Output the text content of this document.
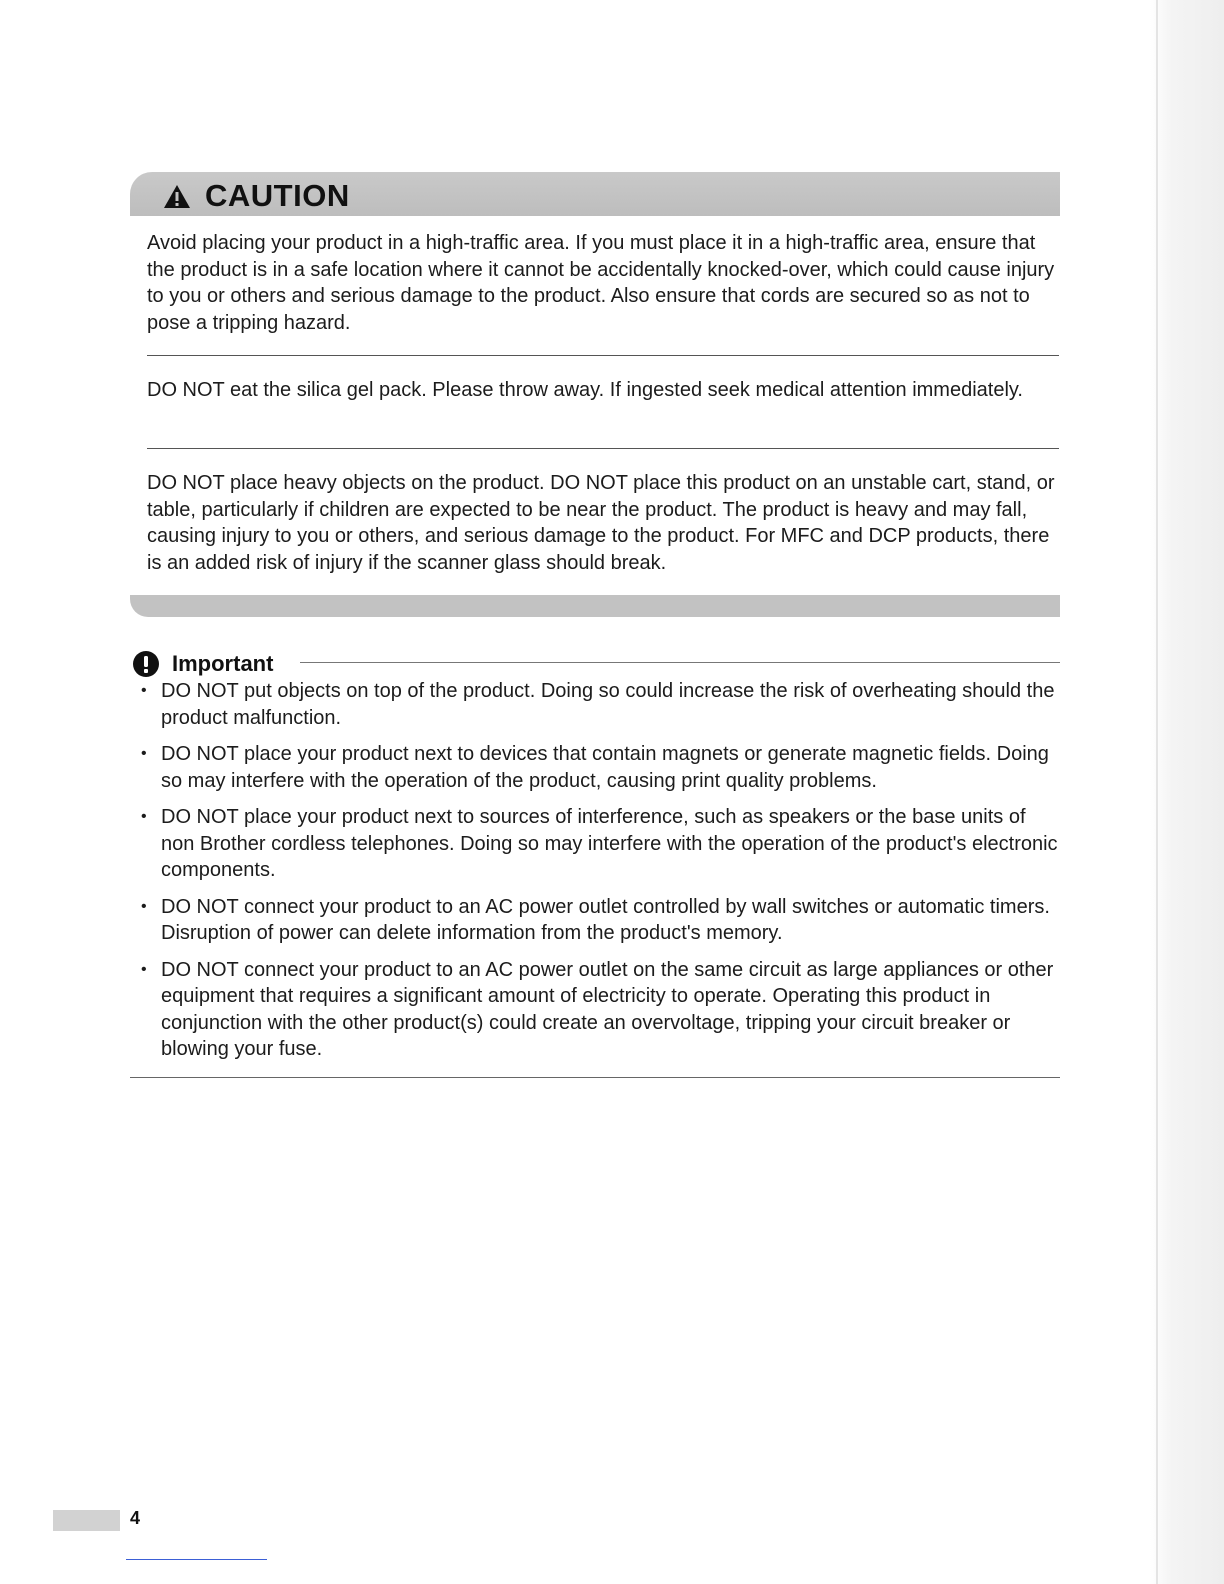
CAUTION

Avoid placing your product in a high-traffic area. If you must place it in a high-traffic area, ensure that the product is in a safe location where it cannot be accidentally knocked-over, which could cause injury to you or others and serious damage to the product. Also ensure that cords are secured so as not to pose a tripping hazard.

DO NOT eat the silica gel pack. Please throw away. If ingested seek medical attention immediately.

DO NOT place heavy objects on the product. DO NOT place this product on an unstable cart, stand, or table, particularly if children are expected to be near the product. The product is heavy and may fall, causing injury to you or others, and serious damage to the product. For MFC and DCP products, there is an added risk of injury if the scanner glass should break.

Important
• DO NOT put objects on top of the product. Doing so could increase the risk of overheating should the product malfunction.
• DO NOT place your product next to devices that contain magnets or generate magnetic fields. Doing so may interfere with the operation of the product, causing print quality problems.
• DO NOT place your product next to sources of interference, such as speakers or the base units of non Brother cordless telephones. Doing so may interfere with the operation of the product's electronic components.
• DO NOT connect your product to an AC power outlet controlled by wall switches or automatic timers. Disruption of power can delete information from the product's memory.
• DO NOT connect your product to an AC power outlet on the same circuit as large appliances or other equipment that requires a significant amount of electricity to operate. Operating this product in conjunction with the other product(s) could create an overvoltage, tripping your circuit breaker or blowing your fuse.
4
